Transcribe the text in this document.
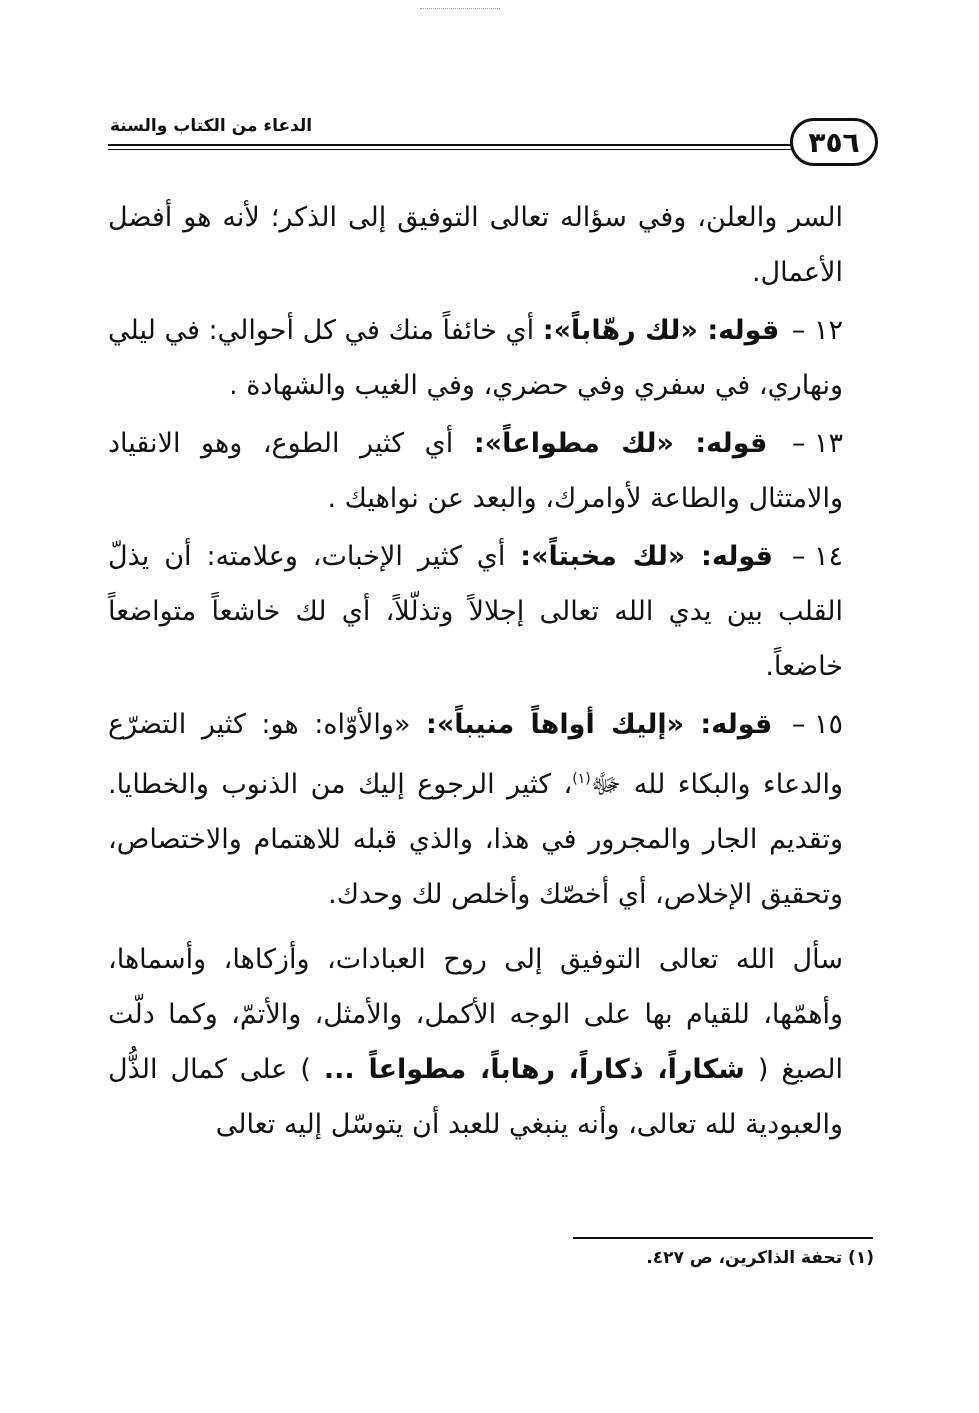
الدعاء من الكتاب والسنة	٣٥٦

السر والعلن، وفي سؤاله تعالى التوفيق إلى الذكر؛ لأنه هو أفضل الأعمال.

١٢ – قوله: «لك رهّاباً»: أي خائفاً منك في كل أحوالي: في ليلي ونهاري، في سفري وفي حضري، وفي الغيب والشهادة .

١٣ – قوله: «لك مطواعاً»: أي كثير الطوع، وهو الانقياد والامتثال والطاعة لأوامرك، والبعد عن نواهيك .

١٤ – قوله: «لك مخبتاً»: أي كثير الإخبات، وعلامته: أن يذلّ القلب بين يدي الله تعالى إجلالاً وتذلّلاً، أي لك خاشعاً متواضعاً خاضعاً.

١٥ – قوله: «إليك أواهاً منيباً»: «والأوّاه: هو: كثير التضرّع والدعاء والبكاء لله ﷻ$^{(١)}$، كثير الرجوع إليك من الذنوب والخطايا. وتقديم الجار والمجرور في هذا، والذي قبله للاهتمام والاختصاص، وتحقيق الإخلاص، أي أخصّك وأخلص لك وحدك.

سأل الله تعالى التوفيق إلى روح العبادات، وأزكاها، وأسماها، وأهمّها، للقيام بها على الوجه الأكمل، والأمثل، والأتمّ، وكما دلّت الصيغ ( شكاراً، ذكاراً، رهاباً، مطواعاً ... ) على كمال الذُّل والعبودية لله تعالى، وأنه ينبغي للعبد أن يتوسّل إليه تعالى

(١) تحفة الذاكرين، ص ٤٢٧.
